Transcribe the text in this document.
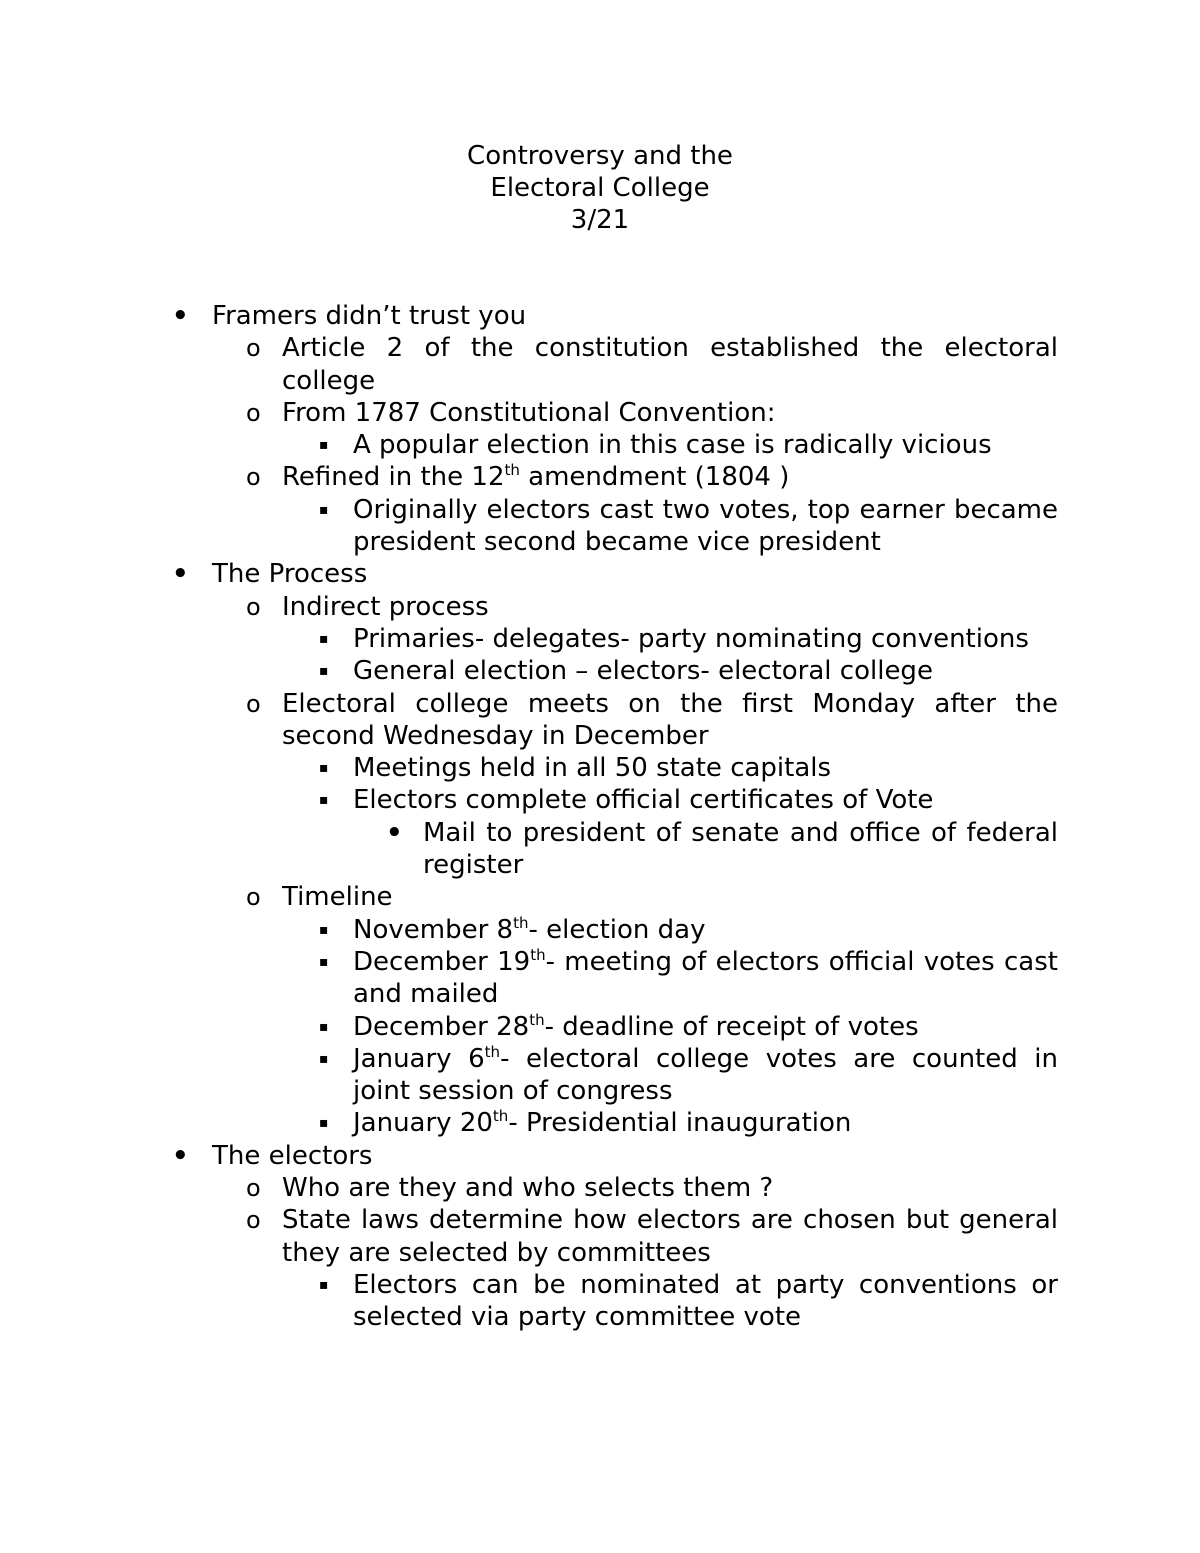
Controversy and the
Electoral College
3/21
• Framers didn’t trust you
o Article 2 of the constitution established the electoral college
o From 1787 Constitutional Convention:
▪ A popular election in this case is radically vicious
o Refined in the 12th amendment (1804 )
▪ Originally electors cast two votes, top earner became president second became vice president
• The Process
o Indirect process
▪ Primaries- delegates- party nominating conventions
▪ General election – electors- electoral college
o Electoral college meets on the first Monday after the second Wednesday in December
▪ Meetings held in all 50 state capitals
▪ Electors complete official certificates of Vote
• Mail to president of senate and office of federal register
o Timeline
▪ November 8th- election day
▪ December 19th- meeting of electors official votes cast and mailed
▪ December 28th- deadline of receipt of votes
▪ January 6th- electoral college votes are counted in joint session of congress
▪ January 20th- Presidential inauguration
• The electors
o Who are they and who selects them ?
o State laws determine how electors are chosen but general they are selected by committees
▪ Electors can be nominated at party conventions or selected via party committee vote
